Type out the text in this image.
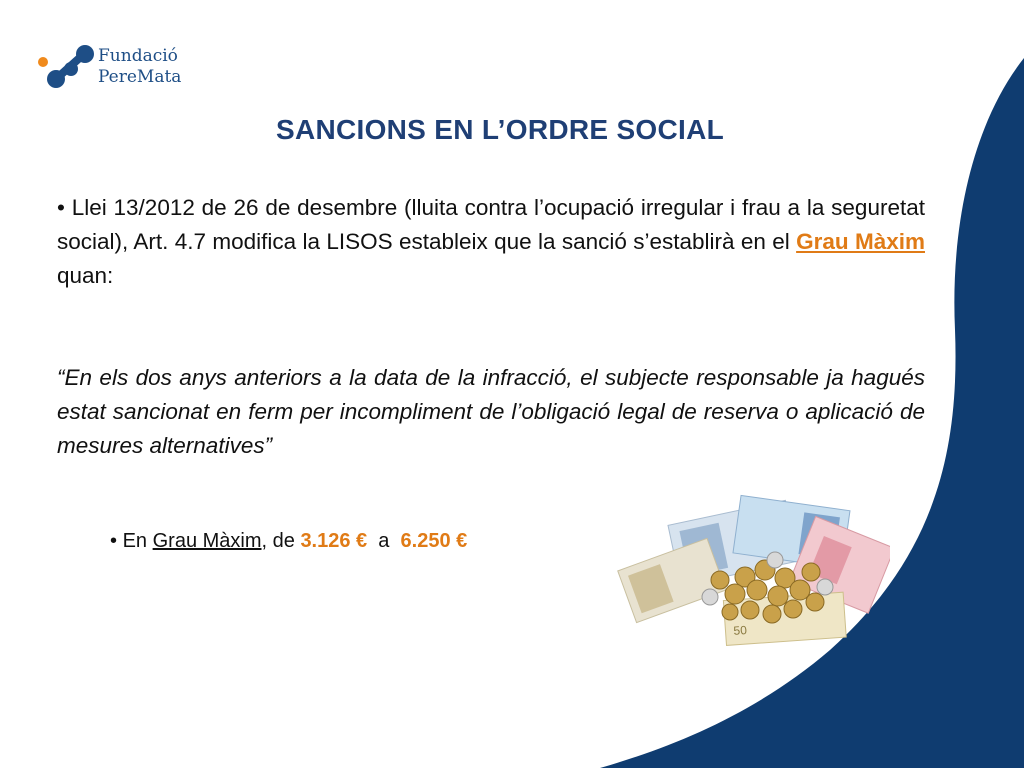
Fundació
PereMata
SANCIONS EN L’ORDRE SOCIAL

• Llei 13/2012 de 26 de desembre (lluita contra l’ocupació irregular i frau a la seguretat social), Art. 4.7 modifica la LISOS estableix que la sanció s’establirà en el Grau Màxim quan:

“En els dos anys anteriors a la data de la infracció, el subjecte responsable ja hagués estat sancionat en ferm per incompliment de l’obligació legal de reserva o aplicació de mesures alternatives”

• En Grau Màxim, de 3.126 € a 6.250 €
50
